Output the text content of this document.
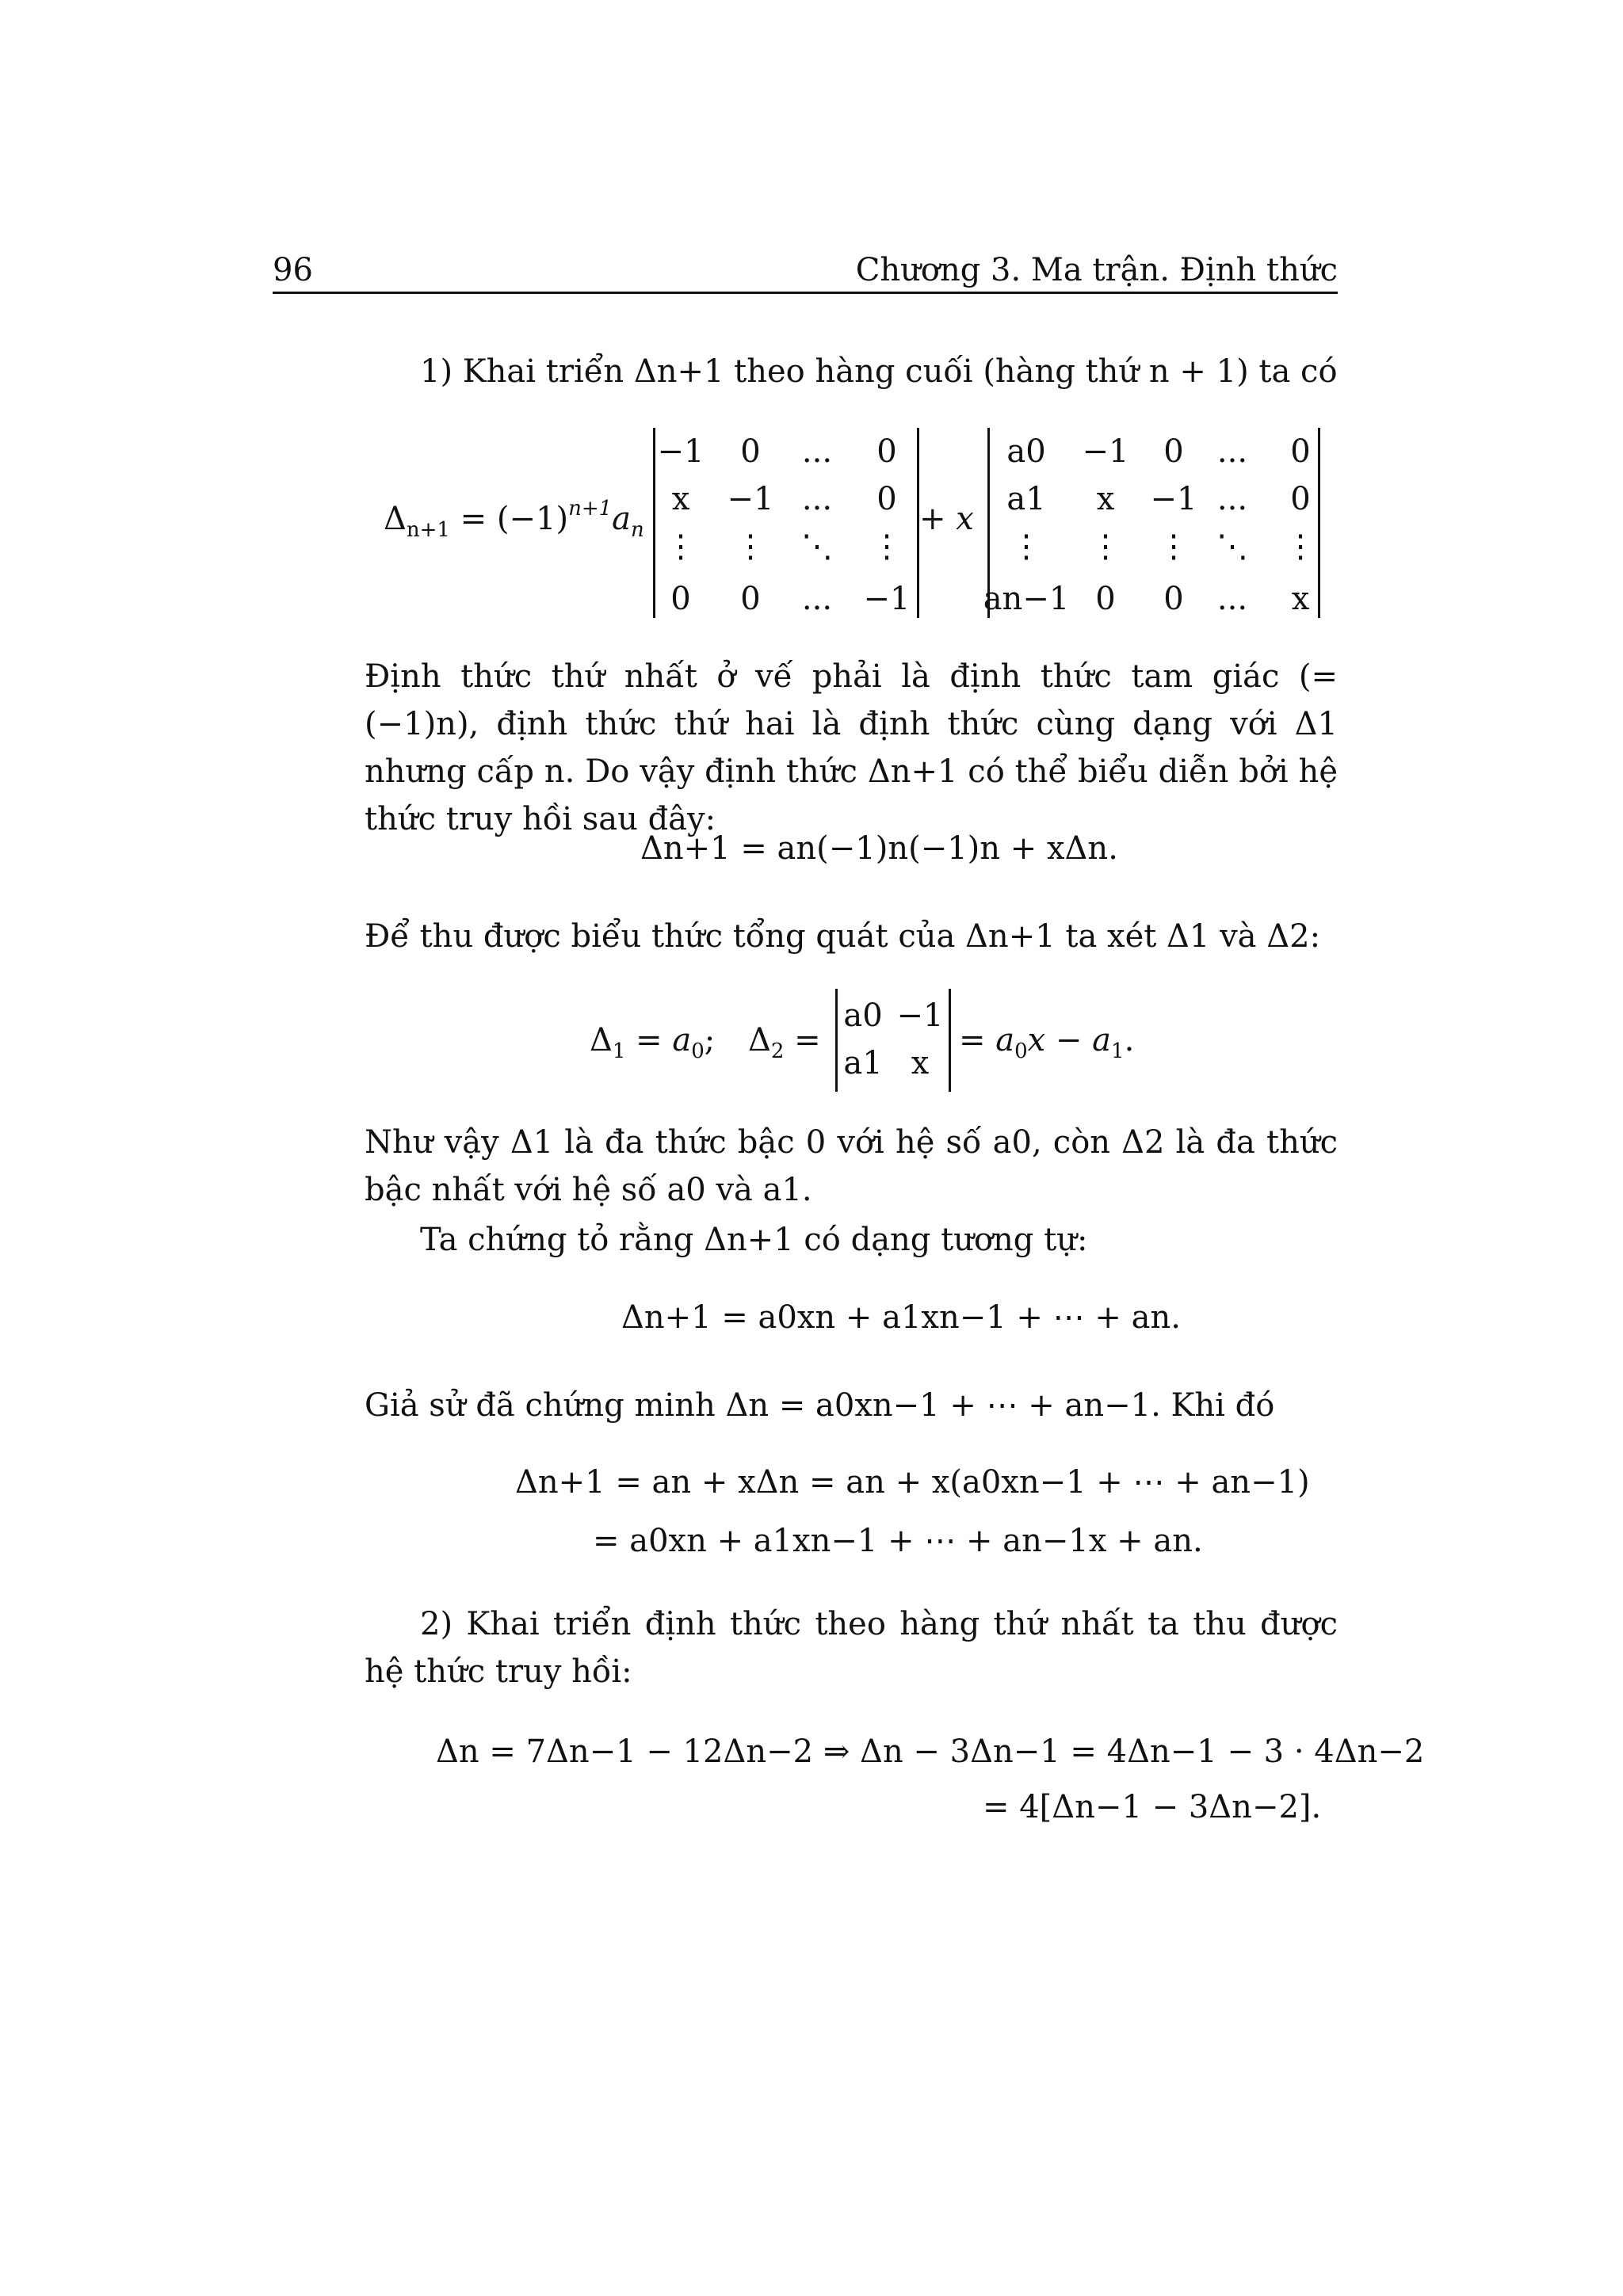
96	Chương 3. Ma trận. Định thức
1) Khai triển Δn+1 theo hàng cuối (hàng thứ n + 1) ta có
$\Delta_{n+1} = (-1)^{n+1}a_n$
−1 0 ... 0
x −1 ... 0
⋮ ⋮ ⋱ ⋮
0 0 ... −1
+ x
a0 −1 0 ... 0
a1 x −1 ... 0
⋮ ⋮ ⋮ ⋱ ⋮
an−1 0 0 ... x
Định thức thứ nhất ở vế phải là định thức tam giác (= (−1)n), định thức thứ hai là định thức cùng dạng với Δ1 nhưng cấp n. Do vậy định thức Δn+1 có thể biểu diễn bởi hệ thức truy hồi sau đây:
Δn+1 = an(−1)n(−1)n + xΔn.
Để thu được biểu thức tổng quát của Δn+1 ta xét Δ1 và Δ2:
$\Delta_1 = a_0$; $\Delta_2$ =
a0 −1
a1 x
= $a_0x - a_1$.
Như vậy Δ1 là đa thức bậc 0 với hệ số a0, còn Δ2 là đa thức bậc nhất với hệ số a0 và a1.
Ta chứng tỏ rằng Δn+1 có dạng tương tự:
Δn+1 = a0xn + a1xn−1 + ⋯ + an.
Giả sử đã chứng minh Δn = a0xn−1 + ⋯ + an−1. Khi đó
Δn+1 = an + xΔn = an + x(a0xn−1 + ⋯ + an−1)
= a0xn + a1xn−1 + ⋯ + an−1x + an.
2) Khai triển định thức theo hàng thứ nhất ta thu được hệ thức truy hồi:
Δn = 7Δn−1 − 12Δn−2 ⇒ Δn − 3Δn−1 = 4Δn−1 − 3 · 4Δn−2
= 4[Δn−1 − 3Δn−2].
